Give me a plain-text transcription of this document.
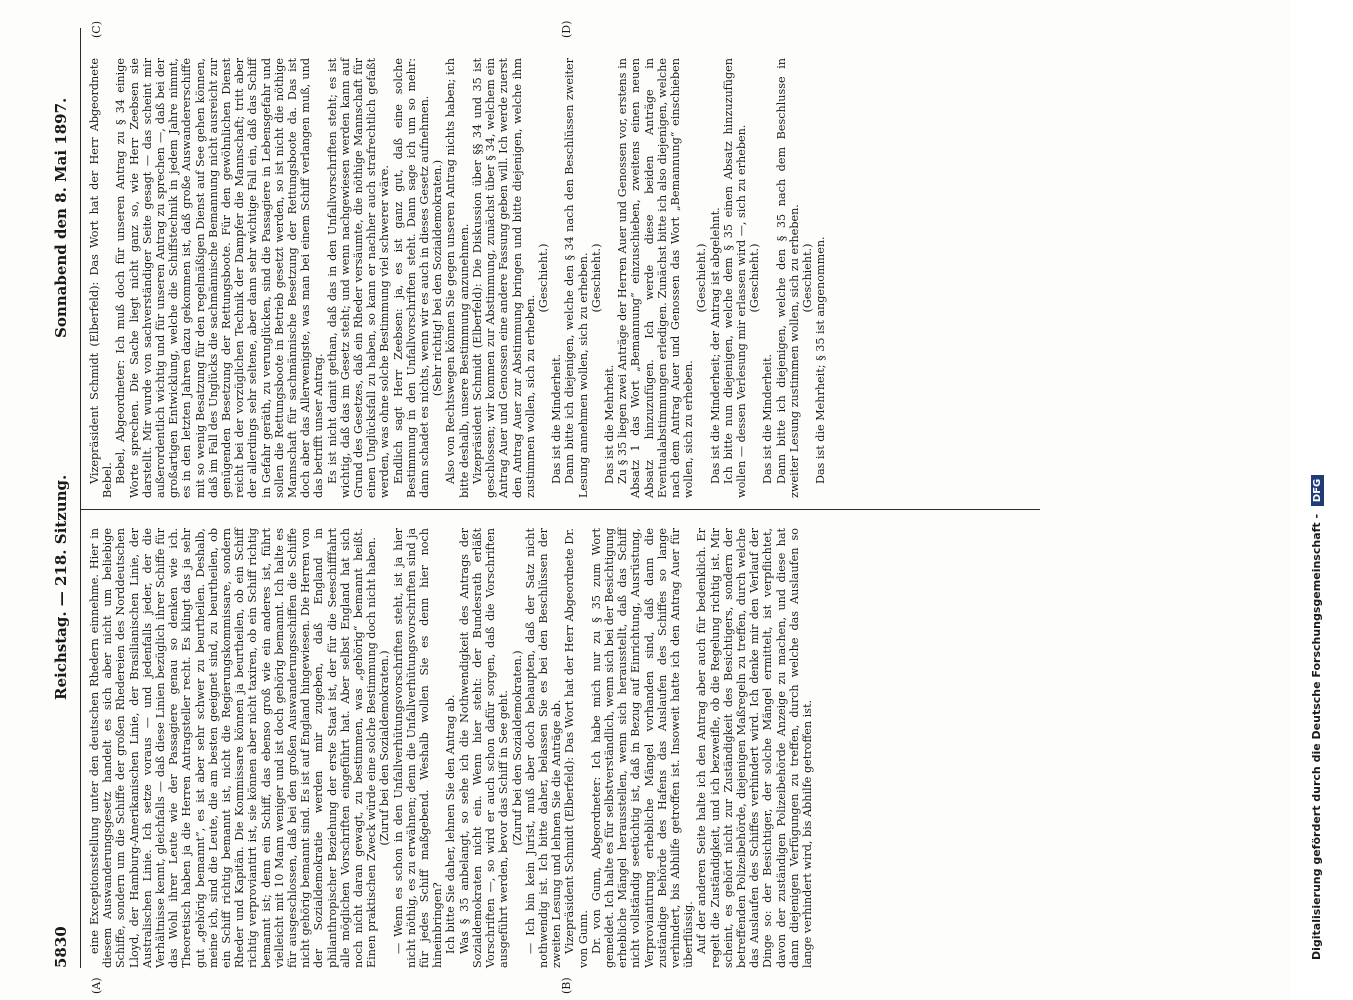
5830
Reichstag. — 218. Sitzung.
Sonnabend den 8. Mai 1897.
(A)	(B)
(C)	(D)

eine Exceptionsstellung unter den deutschen Rhedern einnehme. Hier in diesem Auswanderungsgesetz handelt es sich aber nicht um beliebige Schiffe, sondern um die Schiffe der großen Rhedereien des Norddeutschen Lloyd, der Hamburg-Amerikanischen Linie, der Brasilianischen Linie, der Australischen Linie. Ich setze voraus — und jedenfalls jeder, der die Verhältnisse kennt, gleichfalls — daß diese Linien bezüglich ihrer Schiffe für das Wohl ihrer Leute wie der Passagiere genau so denken wie ich. Theoretisch haben ja die Herren Antragsteller recht. Es klingt das ja sehr gut „gehörig bemannt“, es ist aber sehr schwer zu beurtheilen. Deshalb, meine ich, sind die Leute, die am besten geeignet sind, zu beurtheilen, ob ein Schiff richtig bemannt ist, nicht die Regierungskommissare, sondern Rheder und Kapitän. Die Kommissare können ja beurtheilen, ob ein Schiff richtig verproviantirt ist, sie können aber nicht taxiren, ob ein Schiff richtig bemannt ist; denn ein Schiff, das ebenso groß wie ein anderes ist, führt vielleicht mit 10 Mann weniger und ist doch gehörig bemannt. Ich halte es für ausgeschlossen, daß bei den großen Auswanderungsschiffen die Schiffe nicht gehörig bemannt sind. Es ist auf England hingewiesen. Die Herren von der Sozialdemokratie werden mir zugeben, daß England in philanthropischer Beziehung der erste Staat ist, der für die Seeschifffahrt alle möglichen Vorschriften eingeführt hat. Aber selbst England hat sich noch nicht daran gewagt, zu bestimmen, was „gehörig“ bemannt heißt. Einen praktischen Zweck würde eine solche Bestimmung doch nicht haben. (Zuruf bei den Sozialdemokraten.) — Wenn es schon in den Unfallverhütungsvorschriften steht, ist ja hier nicht nöthig, es zu erwähnen; denn die Unfallverhütungsvorschriften sind ja für jedes Schiff maßgebend. Weshalb wollen Sie es denn hier noch hineinbringen? Ich bitte Sie daher, lehnen Sie den Antrag ab. Was § 35 anbelangt, so sehe ich die Nothwendigkeit des Antrags der Sozialdemokraten nicht ein. Wenn hier steht: der Bundesrath erläßt Vorschriften —, so wird er auch schon dafür sorgen, daß die Vorschriften ausgeführt werden, bevor das Schiff in See geht. (Zuruf bei den Sozialdemokraten.) — Ich bin kein Jurist, muß aber doch behaupten, daß der Satz nicht nothwendig ist. Ich bitte daher, belassen Sie es bei den Beschlüssen der zweiten Lesung und lehnen Sie die Anträge ab. Vizepräsident Schmidt (Elberfeld): Das Wort hat der Herr Abgeordnete Dr. von Gunn. Dr. von Gunn, Abgeordneter: Ich habe mich nur zu § 35 zum Wort gemeldet. Ich halte es für selbstverständlich, wenn sich bei der Besichtigung erhebliche Mängel herausstellen, wenn sich herausstellt, daß das Schiff nicht vollständig seetüchtig ist, daß in Bezug auf Einrichtung, Ausrüstung, Verproviantirung erhebliche Mängel vorhanden sind, daß dann die zuständige Behörde des Hafens das Auslaufen des Schiffes so lange verhindert, bis Abhilfe getroffen ist. Insoweit hatte ich den Antrag Auer für überflüssig. Auf der anderen Seite halte ich den Antrag aber auch für bedenklich. Er regelt die Zuständigkeit, und ich bezweifle, ob die Regelung richtig ist. Mir scheint, es gehört nicht zur Zuständigkeit des Besichtigers, sondern der betreffenden Polizeibehörde, diejenigen Maßregeln zu treffen, durch welche das Auslaufen des Schiffes verhindert wird. Ich denke mir den Verlauf der Dinge so: der Besichtiger, der solche Mängel ermittelt, ist verpflichtet, davon der zuständigen Polizeibehörde Anzeige zu machen, und diese hat dann diejenigen Verfügungen zu treffen, durch welche das Auslaufen so lange verhindert wird, bis Abhilfe getroffen ist.

Vizepräsident Schmidt (Elberfeld): Das Wort hat der Herr Abgeordnete Bebel. Bebel, Abgeordneter: Ich muß doch für unseren Antrag zu § 34 einige Worte sprechen. Die Sache liegt nicht ganz so, wie Herr Zeebsen sie darstellt. Mir wurde von sachverständiger Seite gesagt — das scheint mir außerordentlich wichtig und für unseren Antrag zu sprechen —, daß bei der großartigen Entwicklung, welche die Schiffstechnik in jedem Jahre nimmt, es in den letzten Jahren dazu gekommen ist, daß große Auswandererschiffe mit so wenig Besatzung für den regelmäßigen Dienst auf See gehen können, daß im Fall des Unglücks die sachmännische Bemannung nicht ausreicht zur genügenden Besetzung der Rettungsboote. Für den gewöhnlichen Dienst reicht bei der vorzüglichen Technik der Dampfer die Mannschaft; tritt aber der allerdings sehr seltene, aber dann sehr wichtige Fall ein, daß das Schiff in Gefahr geräth, zu verunglücken, sind die Passagiere in Lebensgefahr und sollen die Rettungsboote in Betrieb gesetzt werden, so ist nicht die nöthige Mannschaft für sachmännische Besetzung der Rettungsboote da. Das ist doch aber das Allerwenigste, was man bei einem Schiff verlangen muß, und das betrifft unser Antrag. Es ist nicht damit gethan, daß das in den Unfallvorschriften steht; es ist wichtig, daß das im Gesetz steht; und wenn nachgewiesen werden kann auf Grund des Gesetzes, daß ein Rheder versäumte, die nöthige Mannschaft für einen Unglücksfall zu haben, so kann er nachher auch strafrechtlich gefaßt werden, was ohne solche Bestimmung viel schwerer wäre. Endlich sagt Herr Zeebsen: ja, es ist ganz gut, daß eine solche Bestimmung in den Unfallvorschriften steht. Dann sage ich um so mehr: dann schadet es nichts, wenn wir es auch in dieses Gesetz aufnehmen. (Sehr richtig! bei den Sozialdemokraten.) Also von Rechtswegen können Sie gegen unseren Antrag nichts haben; ich bitte deshalb, unsere Bestimmung anzunehmen. Vizepräsident Schmidt (Elberfeld): Die Diskussion über §§ 34 und 35 ist geschlossen; wir kommen zur Abstimmung, zunächst über § 34, welchem ein Antrag Auer und Genossen eine andere Fassung geben will. Ich werde zuerst den Antrag Auer zur Abstimmung bringen und bitte diejenigen, welche ihm zustimmen wollen, sich zu erheben.

(Geschieht.)

Das ist die Minderheit. Dann bitte ich diejenigen, welche den § 34 nach den Beschlüssen zweiter Lesung annehmen wollen, sich zu erheben. (Geschieht.)

Das ist die Mehrheit. Zu § 35 liegen zwei Anträge der Herren Auer und Genossen vor, erstens in Absatz 1 das Wort „Bemannung“ einzuschieben, zweitens einen neuen Absatz hinzuzufügen. Ich werde diese beiden Anträge in Eventualabstimmungen erledigen. Zunächst bitte ich also diejenigen, welche nach dem Antrag Auer und Genossen das Wort „Bemannung“ einschieben wollen, sich zu erheben.

(Geschieht.) Das ist die Minderheit; der Antrag ist abgelehnt. Ich bitte nun diejenigen, welche dem § 35 einen Absatz hinzuzufügen wollen — dessen Verlesung mir erlassen wird —, sich zu erheben. (Geschieht.)

Das ist die Minderheit. Dann bitte ich diejenigen, welche den § 35 nach dem Beschlusse in zweiter Lesung zustimmen wollen, sich zu erheben. (Geschieht.) Das ist die Mehrheit; § 35 ist angenommen.

Digitalisierung gefördert durch die Deutsche Forschungsgemeinschaft - DFG
